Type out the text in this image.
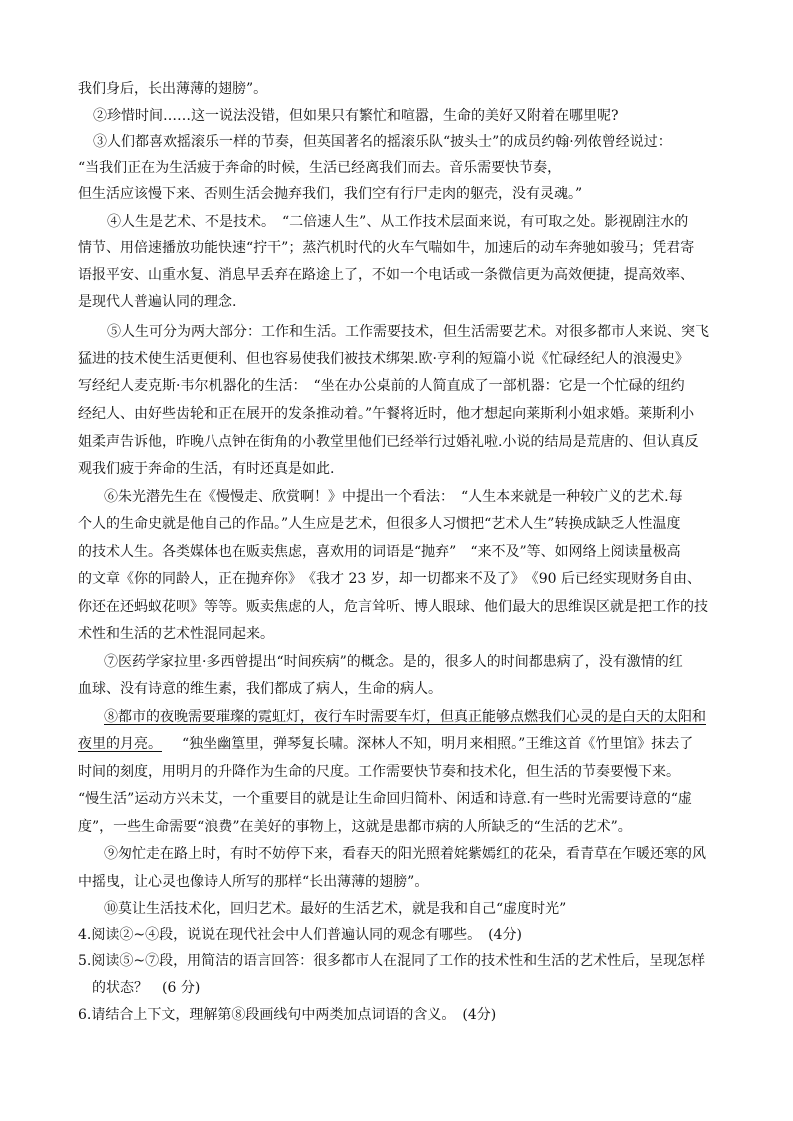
我们身后，长出薄薄的翅膀”。
②珍惜时间……这一说法没错，但如果只有繁忙和喧嚣，生命的美好又附着在哪里呢?
③人们都喜欢摇滚乐一样的节奏，但英国著名的摇滚乐队“披头士”的成员约翰·列侬曾经说过：
“当我们正在为生活疲于奔命的时候，生活已经离我们而去。音乐需要快节奏，
但生活应该慢下来、否则生活会抛弃我们，我们空有行尸走肉的躯壳，没有灵魂。”
④人生是艺术、不是技术。　“二倍速人生”、从工作技术层面来说，有可取之处。影视剧注水的
情节、用倍速播放功能快速“拧干”；蒸汽机时代的火车气喘如牛，加速后的动车奔驰如骏马；凭君寄
语报平安、山重水复、消息早丢弃在路途上了，不如一个电话或一条微信更为高效便捷，提高效率、
是现代人普遍认同的理念.
⑤人生可分为两大部分：工作和生活。工作需要技术，但生活需要艺术。对很多都市人来说、突飞
猛进的技术使生活更便利、但也容易使我们被技术绑架.欧·亨利的短篇小说《忙碌经纪人的浪漫史》
写经纪人麦克斯·韦尔机器化的生活：　“坐在办公桌前的人简直成了一部机器：它是一个忙碌的纽约
经纪人、由好些齿轮和正在展开的发条推动着。”午餐将近时，他才想起向莱斯利小姐求婚。莱斯利小
姐柔声告诉他，昨晚八点钟在街角的小教堂里他们已经举行过婚礼啦.小说的结局是荒唐的、但认真反
观我们疲于奔命的生活，有时还真是如此.
⑥朱光潜先生在《慢慢走、欣赏啊！》中提出一个看法：　“人生本来就是一种较广义的艺术.每
个人的生命史就是他自己的作品。”人生应是艺术，但很多人习惯把“艺术人生”转换成缺乏人性温度
的技术人生。各类媒体也在贩卖焦虑，喜欢用的词语是“抛弃”　“来不及”等、如网络上阅读量极高
的文章《你的同龄人，正在抛弃你》　《我才 23 岁，却一切都来不及了》　《90 后已经实现财务自由、
你还在还蚂蚁花呗》等等。贩卖焦虑的人，危言耸听、博人眼球、他们最大的思维误区就是把工作的技
术性和生活的艺术性混同起来。
⑦医药学家拉里·多西曾提出“时间疾病”的概念。是的，很多人的时间都患病了，没有激情的红
血球、没有诗意的维生素，我们都成了病人，生命的病人。
⑧都市的夜晚需要璀璨的霓虹灯，夜行车时需要车灯，但真正能够点燃我们心灵的是白天的太阳和
夜里的月亮。 　“独坐幽篁里，弹琴复长啸。深林人不知，明月来相照。”王维这首《竹里馆》抹去了
时间的刻度，用明月的升降作为生命的尺度。工作需要快节奏和技术化，但生活的节奏要慢下来。
“慢生活”运动方兴未艾，一个重要目的就是让生命回归简朴、闲适和诗意.有一些时光需要诗意的“虚
度”，一些生命需要“浪费”在美好的事物上，这就是患都市病的人所缺乏的“生活的艺术”。
⑨匆忙走在路上时，有时不妨停下来，看春天的阳光照着姹紫嫣红的花朵，看青草在乍暖还寒的风
中摇曳，让心灵也像诗人所写的那样“长出薄薄的翅膀”。
⑩莫让生活技术化，回归艺术。最好的生活艺术，就是我和自己“虚度时光”
4.阅读②~④段，说说在现代社会中人们普遍认同的观念有哪些。　(4分)
5.阅读⑤~⑦段，用简洁的语言回答：很多都市人在混同了工作的技术性和生活的艺术性后，呈现怎样
的状态？　(6 分)
6.请结合上下文，理解第⑧段画线句中两类加点词语的含义。　(4分)
